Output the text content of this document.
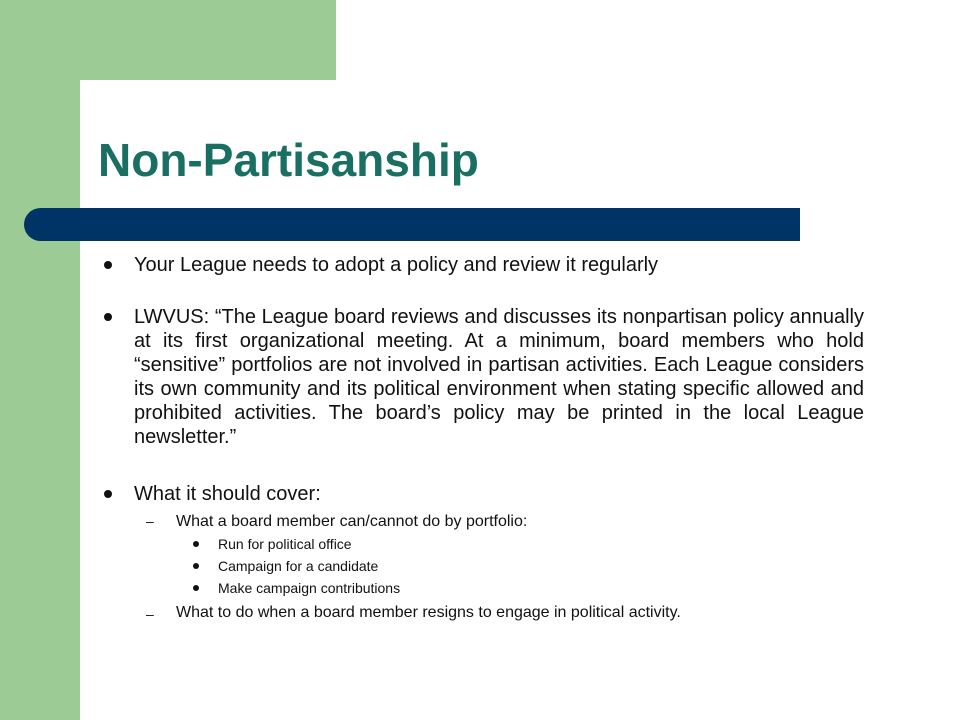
Non-Partisanship
Your League needs to adopt a policy and review it regularly
LWVUS: “The League board reviews and discusses its nonpartisan policy annually at its first organizational meeting. At a minimum, board members who hold “sensitive” portfolios are not involved in partisan activities. Each League considers its own community and its political environment when stating specific allowed and prohibited activities. The board’s policy may be printed in the local League newsletter.”
What it should cover:
–	What a board member can/cannot do by portfolio:
Run for political office
Campaign for a candidate
Make campaign contributions
–	What to do when a board member resigns to engage in political activity.
